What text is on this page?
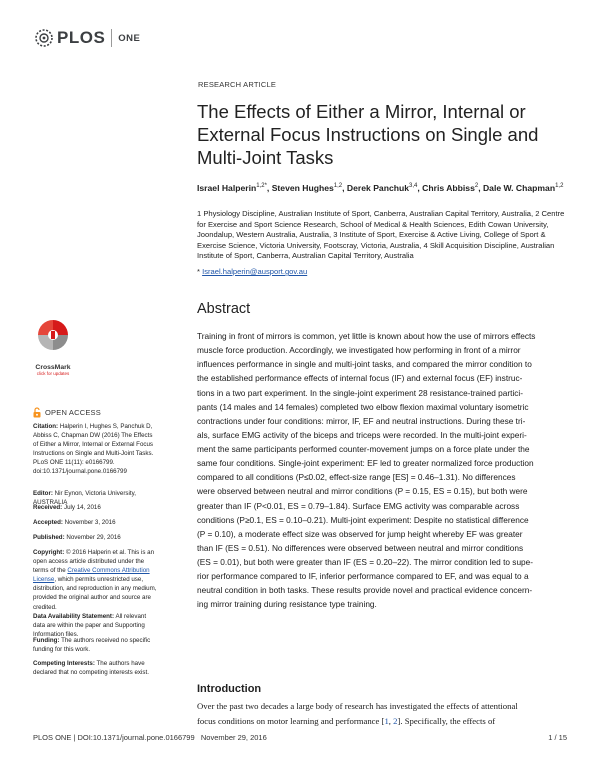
PLOS ONE
RESEARCH ARTICLE
The Effects of Either a Mirror, Internal or External Focus Instructions on Single and Multi-Joint Tasks
Israel Halperin$^{1,2*}$, Steven Hughes$^{1,2}$, Derek Panchuk$^{3,4}$, Chris Abbiss$^2$, Dale W. Chapman$^{1,2}$
1 Physiology Discipline, Australian Institute of Sport, Canberra, Australian Capital Territory, Australia, 2 Centre for Exercise and Sport Science Research, School of Medical & Health Sciences, Edith Cowan University, Joondalup, Western Australia, Australia, 3 Institute of Sport, Exercise & Active Living, College of Sport & Exercise Science, Victoria University, Footscray, Victoria, Australia, 4 Skill Acquisition Discipline, Australian Institute of Sport, Canberra, Australian Capital Territory, Australia
* Israel.halperin@ausport.gov.au
CrossMark
click for updates
OPEN ACCESS
Citation: Halperin I, Hughes S, Panchuk D, Abbiss C, Chapman DW (2016) The Effects of Either a Mirror, Internal or External Focus Instructions on Single and Multi-Joint Tasks. PLoS ONE 11(11): e0166799. doi:10.1371/journal.pone.0166799
Editor: Nir Eynon, Victoria University, AUSTRALIA
Received: July 14, 2016
Accepted: November 3, 2016
Published: November 29, 2016
Copyright: © 2016 Halperin et al. This is an open access article distributed under the terms of the Creative Commons Attribution License, which permits unrestricted use, distribution, and reproduction in any medium, provided the original author and source are credited.
Data Availability Statement: All relevant data are within the paper and Supporting Information files.
Funding: The authors received no specific funding for this work.
Competing Interests: The authors have declared that no competing interests exist.
Abstract
Training in front of mirrors is common, yet little is known about how the use of mirrors effects
muscle force production. Accordingly, we investigated how performing in front of a mirror
influences performance in single and multi-joint tasks, and compared the mirror condition to
the established performance effects of internal focus (IF) and external focus (EF) instruc-
tions in a two part experiment. In the single-joint experiment 28 resistance-trained partici-
pants (14 males and 14 females) completed two elbow flexion maximal voluntary isometric
contractions under four conditions: mirror, IF, EF and neutral instructions. During these tri-
als, surface EMG activity of the biceps and triceps were recorded. In the multi-joint experi-
ment the same participants performed counter-movement jumps on a force plate under the
same four conditions. Single-joint experiment: EF led to greater normalized force production
compared to all conditions (P≤0.02, effect-size range [ES] = 0.46–1.31). No differences
were observed between neutral and mirror conditions (P = 0.15, ES = 0.15), but both were
greater than IF (P<0.01, ES = 0.79–1.84). Surface EMG activity was comparable across
conditions (P≥0.1, ES = 0.10–0.21). Multi-joint experiment: Despite no statistical difference
(P = 0.10), a moderate effect size was observed for jump height whereby EF was greater
than IF (ES = 0.51). No differences were observed between neutral and mirror conditions
(ES = 0.01), but both were greater than IF (ES = 0.20–22). The mirror condition led to supe-
rior performance compared to IF, inferior performance compared to EF, and was equal to a
neutral condition in both tasks. These results provide novel and practical evidence concern-
ing mirror training during resistance type training.
Introduction
Over the past two decades a large body of research has investigated the effects of attentional
focus conditions on motor learning and performance [1, 2]. Specifically, the effects of
PLOS ONE | DOI:10.1371/journal.pone.0166799   November 29, 2016	1 / 15
